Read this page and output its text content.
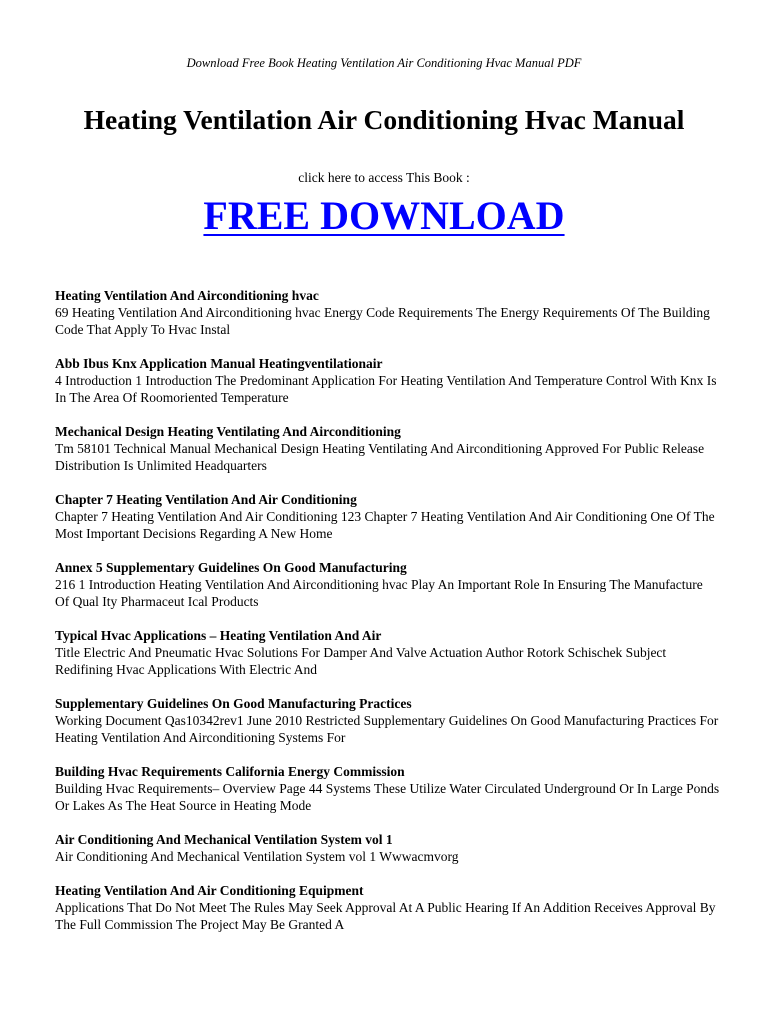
Download Free Book Heating Ventilation Air Conditioning Hvac Manual PDF
Heating Ventilation Air Conditioning Hvac Manual
click here to access This Book :
FREE DOWNLOAD
Heating Ventilation And Airconditioning hvac
69 Heating Ventilation And Airconditioning hvac Energy Code Requirements The Energy Requirements Of The Building Code That Apply To Hvac Instal
Abb Ibus Knx Application Manual Heatingventilationair
4 Introduction 1 Introduction The Predominant Application For Heating Ventilation And Temperature Control With Knx Is In The Area Of Roomoriented Temperature
Mechanical Design Heating Ventilating And Airconditioning
Tm 58101 Technical Manual Mechanical Design Heating Ventilating And Airconditioning Approved For Public Release Distribution Is Unlimited Headquarters
Chapter 7 Heating Ventilation And Air Conditioning
Chapter 7 Heating Ventilation And Air Conditioning 123 Chapter 7 Heating Ventilation And Air Conditioning One Of The Most Important Decisions Regarding A New Home
Annex 5 Supplementary Guidelines On Good Manufacturing
216 1 Introduction Heating Ventilation And Airconditioning hvac Play An Important Role In Ensuring The Manufacture Of Qual Ity Pharmaceut Ical Products
Typical Hvac Applications – Heating Ventilation And Air
Title Electric And Pneumatic Hvac Solutions For Damper And Valve Actuation Author Rotork Schischek Subject Redifining Hvac Applications With Electric And
Supplementary Guidelines On Good Manufacturing Practices
Working Document Qas10342rev1 June 2010 Restricted Supplementary Guidelines On Good Manufacturing Practices For Heating Ventilation And Airconditioning Systems For
Building Hvac Requirements California Energy Commission
Building Hvac Requirements– Overview Page 44 Systems These Utilize Water Circulated Underground Or In Large Ponds Or Lakes As The Heat Source in Heating Mode
Air Conditioning And Mechanical Ventilation System vol 1
Air Conditioning And Mechanical Ventilation System vol 1 Wwwacmvorg
Heating Ventilation And Air Conditioning Equipment
Applications That Do Not Meet The Rules May Seek Approval At A Public Hearing If An Addition Receives Approval By The Full Commission The Project May Be Granted A
